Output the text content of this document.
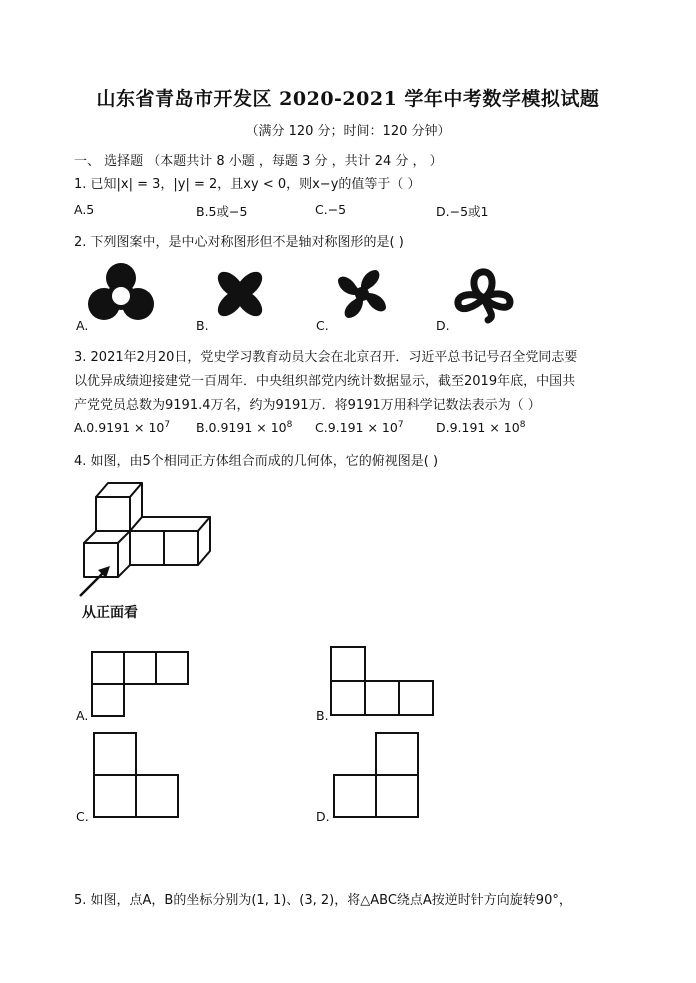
山东省青岛市开发区 2020-2021 学年中考数学模拟试题
（满分 120 分；时间：120 分钟）
一、 选择题 （本题共计 8 小题 ，每题 3 分 ，共计 24 分 ， ）
1. 已知|x| = 3，|y| = 2，且xy < 0，则x−y的值等于（ ）
A.5	B.5或−5	C.−5	D.−5或1
2. 下列图案中，是中心对称图形但不是轴对称图形的是( )
A.	B.	C.	D.
3. 2021年2月20日，党史学习教育动员大会在北京召开．习近平总书记号召全党同志要
以优异成绩迎接建党一百周年．中央组织部党内统计数据显示，截至2019年底，中国共
产党党员总数为9191.4万名，约为9191万．将9191万用科学记数法表示为（ ）
$A.0.9191 \times 10^7$ $B.0.9191 \times 10^8$ $C.9.191 \times 10^7$	$D.9.191 \times 10^8$
4. 如图，由5个相同正方体组合而成的几何体，它的俯视图是( )
从正面看
A.	B.
C.	D.
5. 如图，点A，B的坐标分别为(1, 1)、(3, 2)，将△ABC绕点A按逆时针方向旋转90°，
